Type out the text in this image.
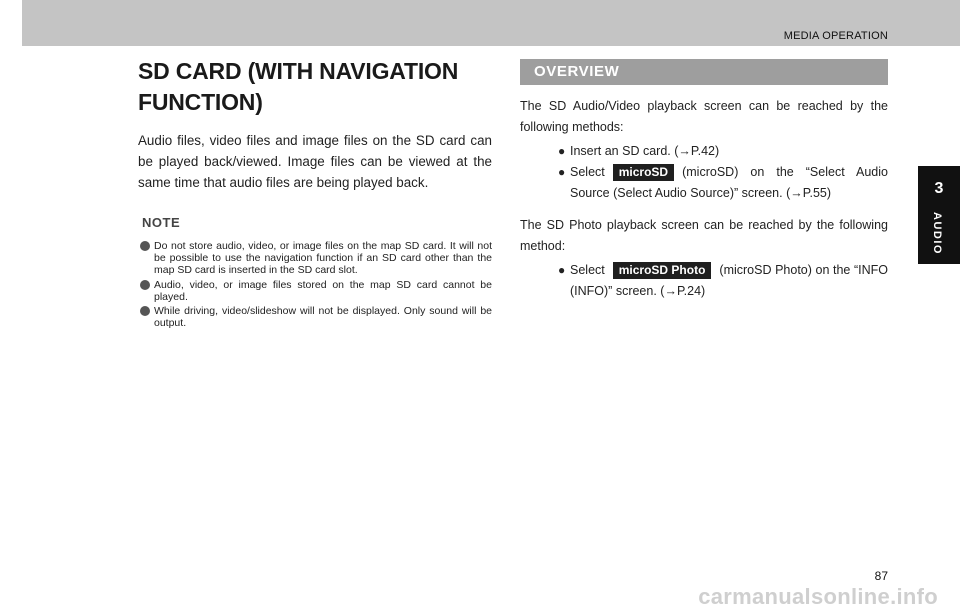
MEDIA OPERATION
3
AUDIO
SD CARD (WITH NAVIGATION FUNCTION)

Audio files, video files and image files on the SD card can be played back/viewed. Image files can be viewed at the same time that audio files are being played back.

NOTE
Do not store audio, video, or image files on the map SD card. It will not be possible to use the navigation function if an SD card other than the map SD card is inserted in the SD card slot.
Audio, video, or image files stored on the map SD card cannot be played.
While driving, video/slideshow will not be displayed. Only sound will be output.
OVERVIEW

The SD Audio/Video playback screen can be reached by the following methods:

● Insert an SD card. (→P.42)
● Select microSD (microSD) on the “Select Audio Source (Select Audio Source)” screen. (→P.55)

The SD Photo playback screen can be reached by the following method:

● Select microSD Photo (microSD Photo) on the “INFO (INFO)” screen. (→P.24)
87
carmanualsonline.info
